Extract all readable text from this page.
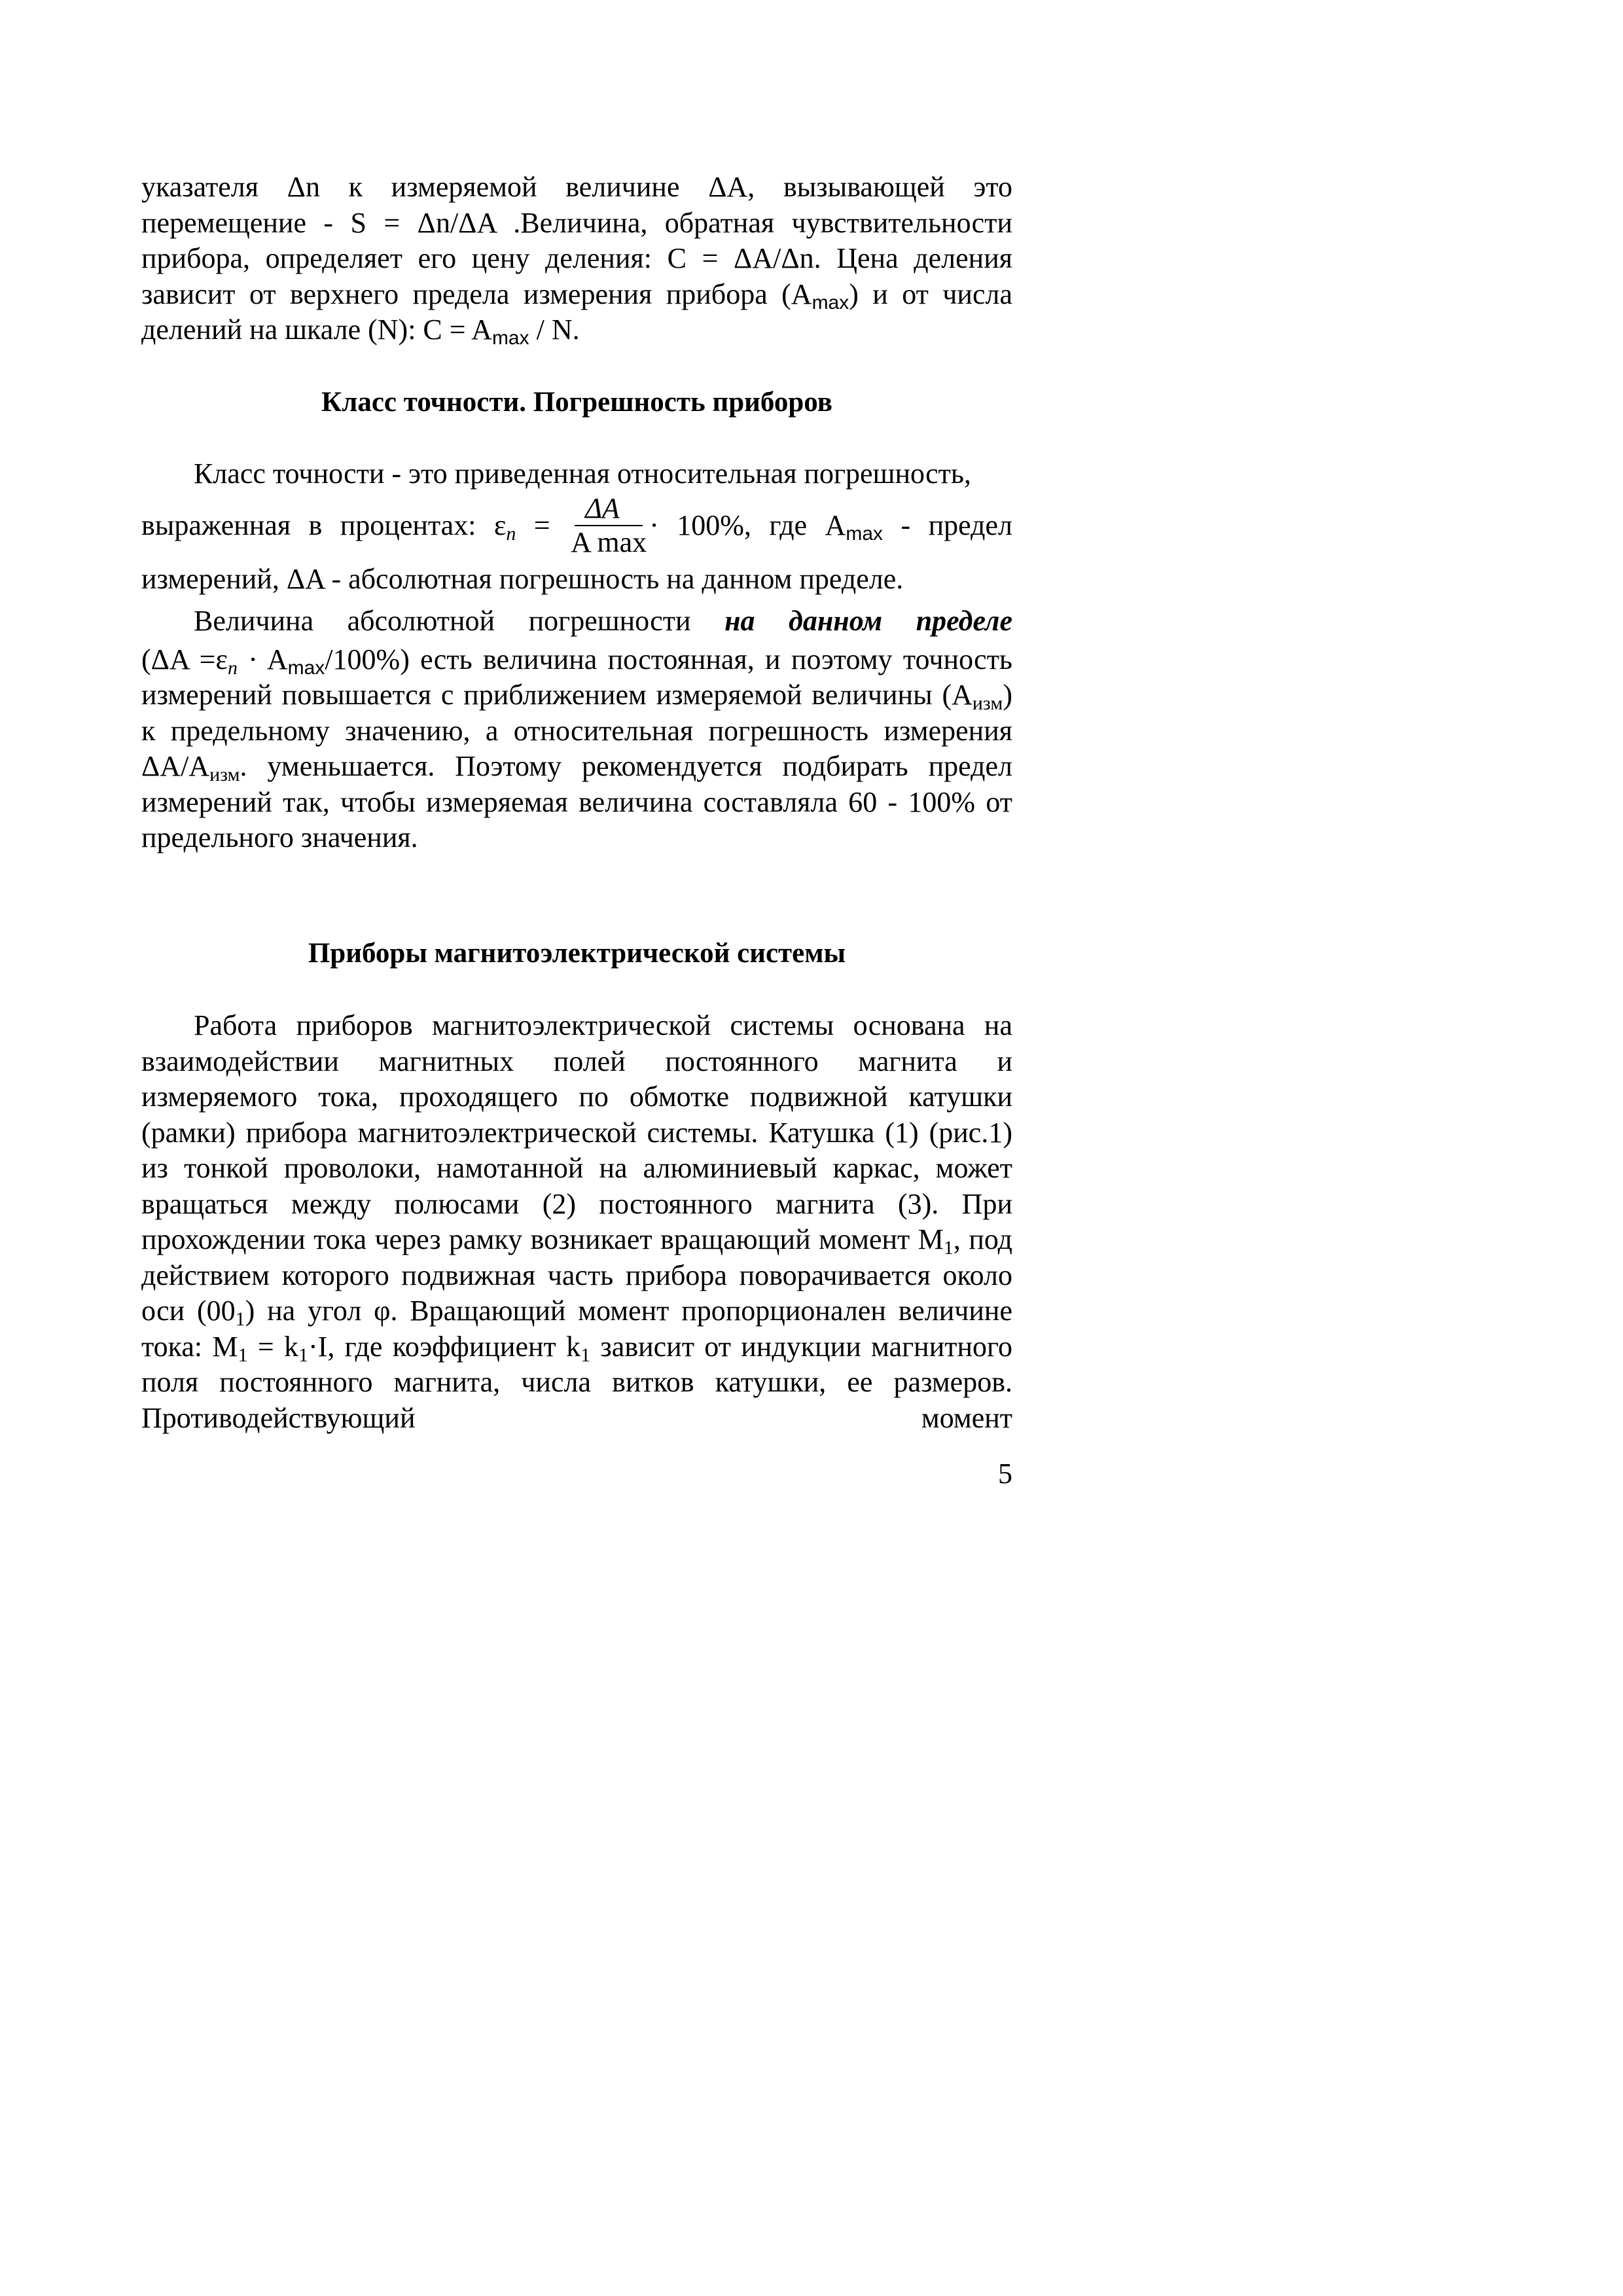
указателя Δn к измеряемой величине ΔA, вызывающей это перемещение - S = Δn/ΔA .Величина, обратная чувствительности прибора, определяет его цену деления: C = ΔA/Δn. Цена деления зависит от верхнего предела измерения прибора $(A_{max})$ и от числа делений на шкале (N): $C = A_{max} / N$.

Класс точности. Погрешность приборов

Класс точности - это приведенная относительная погрешность,

выраженная в процентах: $\varepsilon_n = \frac{\Delta A}{\text{A max}} \cdot 100\%$, где $A_{max}$ - предел

измерений, ΔA - абсолютная погрешность на данном пределе.

Величина абсолютной погрешности на данном пределе

$(\Delta A =\varepsilon_n \cdot A_{max}/100\%)$ есть величина постоянная, и поэтому точность измерений повышается с приближением измеряемой величины $(A_{изм})$ к предельному значению, а относительная погрешность измерения $\Delta A/A_{изм}$. уменьшается. Поэтому рекомендуется подбирать предел измерений так, чтобы измеряемая величина составляла 60 - 100% от предельного значения.

Приборы магнитоэлектрической системы

Работа приборов магнитоэлектрической системы основана на взаимодействии магнитных полей постоянного магнита и измеряемого тока, проходящего по обмотке подвижной катушки (рамки) прибора магнитоэлектрической системы. Катушка (1) (рис.1) из тонкой проволоки, намотанной на алюминиевый каркас, может вращаться между полюсами (2) постоянного магнита (3). При прохождении тока через рамку возникает вращающий момент $M_1$, под действием которого подвижная часть прибора поворачивается около оси $(00_1)$ на угол φ. Вращающий момент пропорционален величине тока: $M_1 = k_1\cdot I$, где коэффициент $k_1$ зависит от индукции магнитного поля постоянного магнита, числа витков катушки, ее размеров. Противодействующий момент

5
